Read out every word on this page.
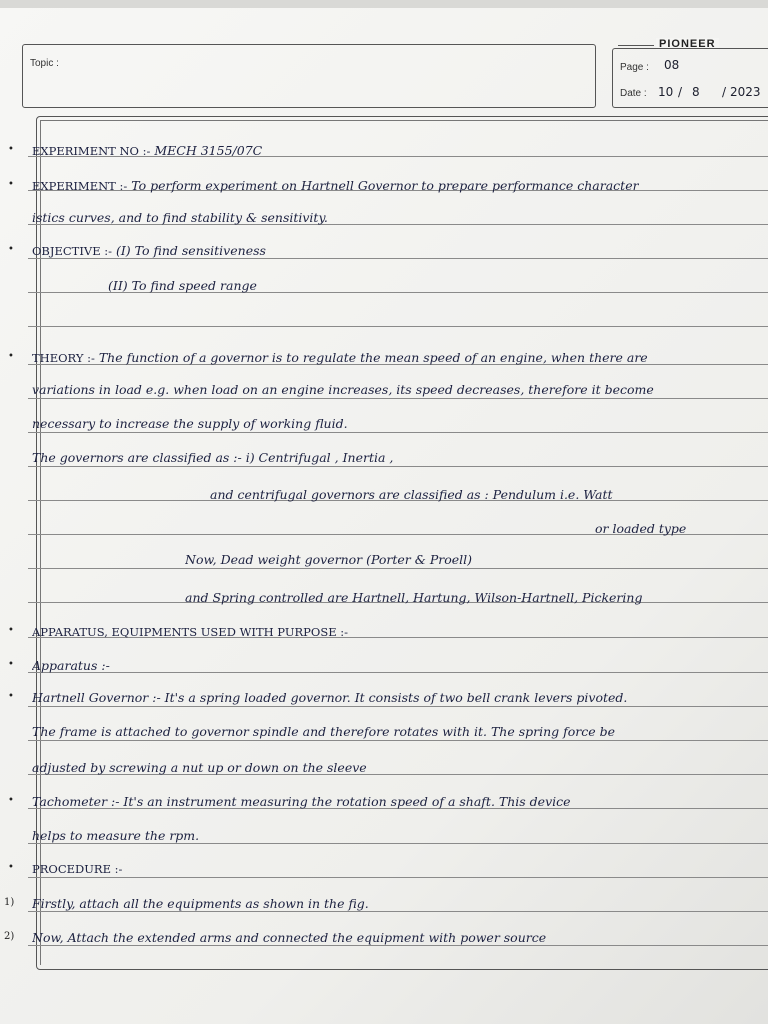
Topic :
PIONEER
Page : 08
Date : 10 / 8 / 2023
• EXPERIMENT NO :- MECH 3155/07C
• EXPERIMENT :- To perform experiment on Hartnell Governor to prepare performance character
istics curves, and to find stability & sensitivity.
• OBJECTIVE :- (I) To find sensitiveness
(II) To find speed range
• THEORY :- The function of a governor is to regulate the mean speed of an engine, when there are
variations in load e.g. when load on an engine increases, its speed decreases, therefore it become
necessary to increase the supply of working fluid.
The governors are classified as :- i) Centrifugal , Inertia ,
and centrifugal governors are classified as : Pendulum i.e. Watt
or loaded type
Now, Dead weight governor (Porter & Proell)
and Spring controlled are Hartnell, Hartung, Wilson-Hartnell, Pickering
• APPARATUS, EQUIPMENTS USED WITH PURPOSE :-
• Apparatus :-
• Hartnell Governor :- It's a spring loaded governor. It consists of two bell crank levers pivoted.
The frame is attached to governor spindle and therefore rotates with it. The spring force be
adjusted by screwing a nut up or down on the sleeve
• Tachometer :- It's an instrument measuring the rotation speed of a shaft. This device
helps to measure the rpm.
• PROCEDURE :-
1) Firstly, attach all the equipments as shown in the fig.
2) Now, Attach the extended arms and connected the equipment with power source
